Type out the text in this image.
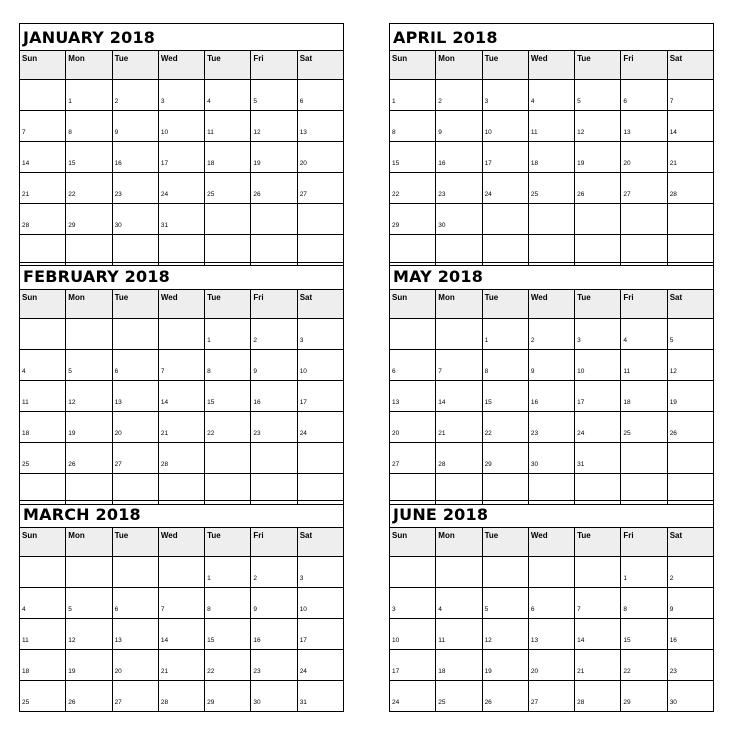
JANUARY 2018						
Sun	Mon	Tue	Wed	Tue	Fri	Sat
	1	2	3	4	5	6
7	8	9	10	11	12	13
14	15	16	17	18	19	20
21	22	23	24	25	26	27
28	29	30	31			

APRIL 2018						
Sun	Mon	Tue	Wed	Tue	Fri	Sat
1	2	3	4	5	6	7
8	9	10	11	12	13	14
15	16	17	18	19	20	21
22	23	24	25	26	27	28
29	30					

FEBRUARY 2018						
Sun	Mon	Tue	Wed	Tue	Fri	Sat
				1	2	3
4	5	6	7	8	9	10
11	12	13	14	15	16	17
18	19	20	21	22	23	24
25	26	27	28			

MAY 2018						
Sun	Mon	Tue	Wed	Tue	Fri	Sat
		1	2	3	4	5
6	7	8	9	10	11	12
13	14	15	16	17	18	19
20	21	22	23	24	25	26
27	28	29	30	31		

MARCH 2018						
Sun	Mon	Tue	Wed	Tue	Fri	Sat
				1	2	3
4	5	6	7	8	9	10
11	12	13	14	15	16	17
18	19	20	21	22	23	24
25	26	27	28	29	30	31
JUNE 2018						
Sun	Mon	Tue	Wed	Tue	Fri	Sat
					1	2
3	4	5	6	7	8	9
10	11	12	13	14	15	16
17	18	19	20	21	22	23
24	25	26	27	28	29	30
